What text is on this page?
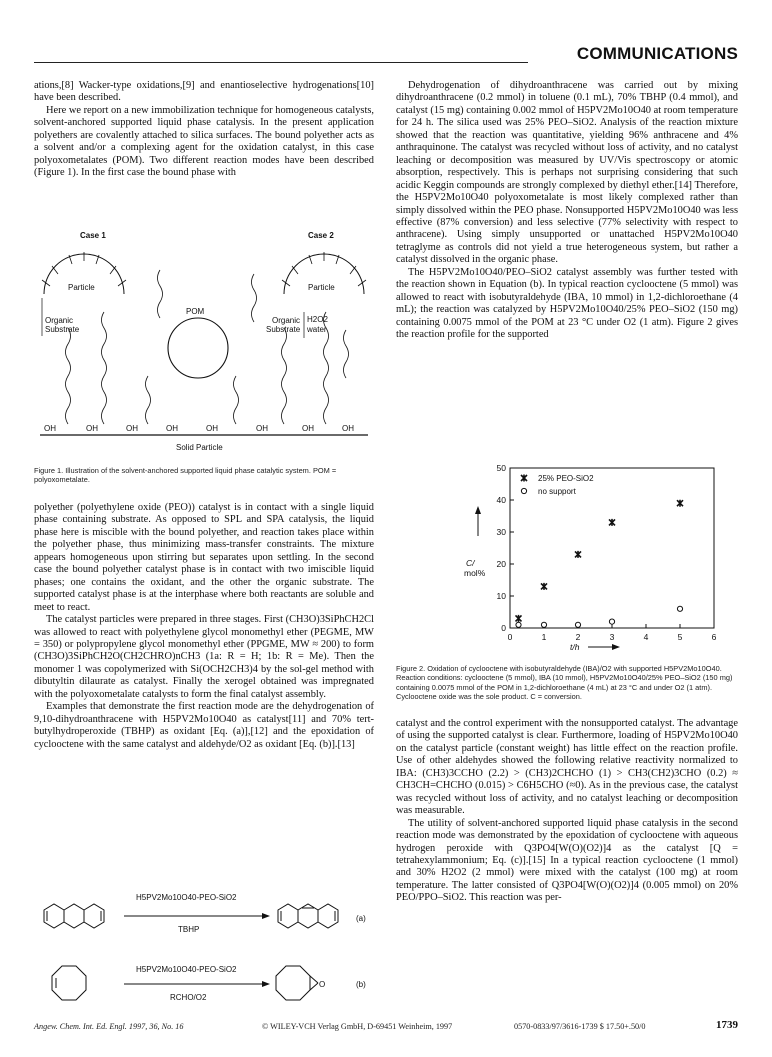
COMMUNICATIONS

ations,[8] Wacker-type oxidations,[9] and enantioselective hydrogenations[10] have been described.

Here we report on a new immobilization technique for homogeneous catalysts, solvent-anchored supported liquid phase catalysis. In the present application polyethers are covalently attached to silica surfaces. The bound polyether acts as a solvent and/or a complexing agent for the oxidation catalyst, in this case polyoxometalates (POM). Two different reaction modes have been described (Figure 1). In the first case the bound phase with

Case 1	Case 2
Particle	Particle
Organic
Substrate
POM
Organic
Substrate
H2O2
water
OH	OH	OH	OH	OH	OH	OH	OH
Solid Particle
Figure 1. Illustration of the solvent-anchored supported liquid phase catalytic system. POM = polyoxometalate.

polyether (polyethylene oxide (PEO)) catalyst is in contact with a single liquid phase containing substrate. As opposed to SPL and SPA catalysis, the liquid phase here is miscible with the bound polyether, and reaction takes place within the polyether phase, thus minimizing mass-transfer constraints. The mixture appears homogeneous upon stirring but separates upon settling. In the second case the bound polyether catalyst phase is in contact with two imiscible liquid phases; one contains the oxidant, and the other the organic substrate. The supported catalyst phase is at the interphase where both reactants are soluble and meet to react.

The catalyst particles were prepared in three stages. First (CH3O)3SiPhCH2Cl was allowed to react with polyethylene glycol monomethyl ether (PEGME, MW = 350) or polypropylene glycol monomethyl ether (PPGME, MW ≈ 200) to form (CH3O)3SiPhCH2O(CH2CHRO)nCH3 (1a: R = H; 1b: R = Me). Then the monomer 1 was copolymerized with Si(OCH2CH3)4 by the sol-gel method with dibutyltin dilaurate as catalyst. Finally the xerogel obtained was impregnated with the polyoxometalate catalysts to form the final catalyst assembly.

Examples that demonstrate the first reaction mode are the dehydrogenation of 9,10-dihydroanthracene with H5PV2Mo10O40 as catalyst[11] and 70% tert-butylhydroperoxide (TBHP) as oxidant [Eq. (a)],[12] and the epoxidation of cyclooctene with the same catalyst and aldehyde/O2 as oxidant [Eq. (b)].[13]

H5PV2Mo10O40-PEO-SiO2
TBHP
(a)
H5PV2Mo10O40-PEO-SiO2
RCHO/O2
O	(b)

Dehydrogenation of dihydroanthracene was carried out by mixing dihydroanthracene (0.2 mmol) in toluene (0.1 mL), 70% TBHP (0.4 mmol), and catalyst (15 mg) containing 0.002 mmol of H5PV2Mo10O40 at room temperature for 24 h. The silica used was 25% PEO–SiO2. Analysis of the reaction mixture showed that the reaction was quantitative, yielding 96% anthracene and 4% anthraquinone. The catalyst was recycled without loss of activity, and no catalyst leaching or decomposition was measured by UV/Vis spectroscopy or atomic absorption, respectively. This is perhaps not surprising considering that such acidic Keggin compounds are strongly complexed by diethyl ether.[14] Therefore, the H5PV2Mo10O40 polyoxometalate is most likely complexed rather than simply dissolved within the PEO phase. Nonsupported H5PV2Mo10O40 was less effective (87% conversion) and less selective (77% selectivity with respect to anthracene). Using simply unsupported or unattached H5PV2Mo10O40 tetraglyme as controls did not yield a true heterogeneous system, but rather a catalyst dissolved in the organic phase.

The H5PV2Mo10O40/PEO–SiO2 catalyst assembly was further tested with the reaction shown in Equation (b). In typical reaction cyclooctene (5 mmol) was allowed to react with isobutyraldehyde (IBA, 10 mmol) in 1,2-dichloroethane (4 mL); the reaction was catalyzed by H5PV2Mo10O40/25% PEO–SiO2 (150 mg) containing 0.0075 mmol of the POM at 23 °C under O2 (1 atm). Figure 2 gives the reaction profile for the supported

0
10
20
30
40
50
0	1	2	3	4	5	6
25% PEO-SiO2
no support
C/
mol%
t/h
Figure 2. Oxidation of cyclooctene with isobutyraldehyde (IBA)/O2 with supported H5PV2Mo10O40. Reaction conditions: cyclooctene (5 mmol), IBA (10 mmol), H5PV2Mo10O40/25% PEO–SiO2 (150 mg) containing 0.0075 mmol of the POM in 1,2-dichloroethane (4 mL) at 23 °C and under O2 (1 atm). Cyclooctene oxide was the sole product. C = conversion.

catalyst and the control experiment with the nonsupported catalyst. The advantage of using the supported catalyst is clear. Furthermore, loading of H5PV2Mo10O40 on the catalyst particle (constant weight) has little effect on the reaction profile. Use of other aldehydes showed the following relative reactivity normalized to IBA: (CH3)3CCHO (2.2) > (CH3)2CHCHO (1) > CH3(CH2)3CHO (0.2) ≈ CH3CH=CHCHO (0.015) > C6H5CHO (≈0). As in the previous case, the catalyst was recycled without loss of activity, and no catalyst leaching or decomposition was measurable.

The utility of solvent-anchored supported liquid phase catalysis in the second reaction mode was demonstrated by the epoxidation of cyclooctene with aqueous hydrogen peroxide with Q3PO4[W(O)(O2)]4 as the catalyst [Q = tetrahexylammonium; Eq. (c)].[15] In a typical reaction cyclooctene (1 mmol) and 30% H2O2 (2 mmol) were mixed with the catalyst (100 mg) at room temperature. The latter consisted of Q3PO4[W(O)(O2)]4 (0.005 mmol) on 20% PEO/PPO–SiO2. This reaction was per-

Angew. Chem. Int. Ed. Engl. 1997, 36, No. 16	© WILEY-VCH Verlag GmbH, D-69451 Weinheim, 1997	0570-0833/97/3616-1739 $ 17.50+.50/0	1739
